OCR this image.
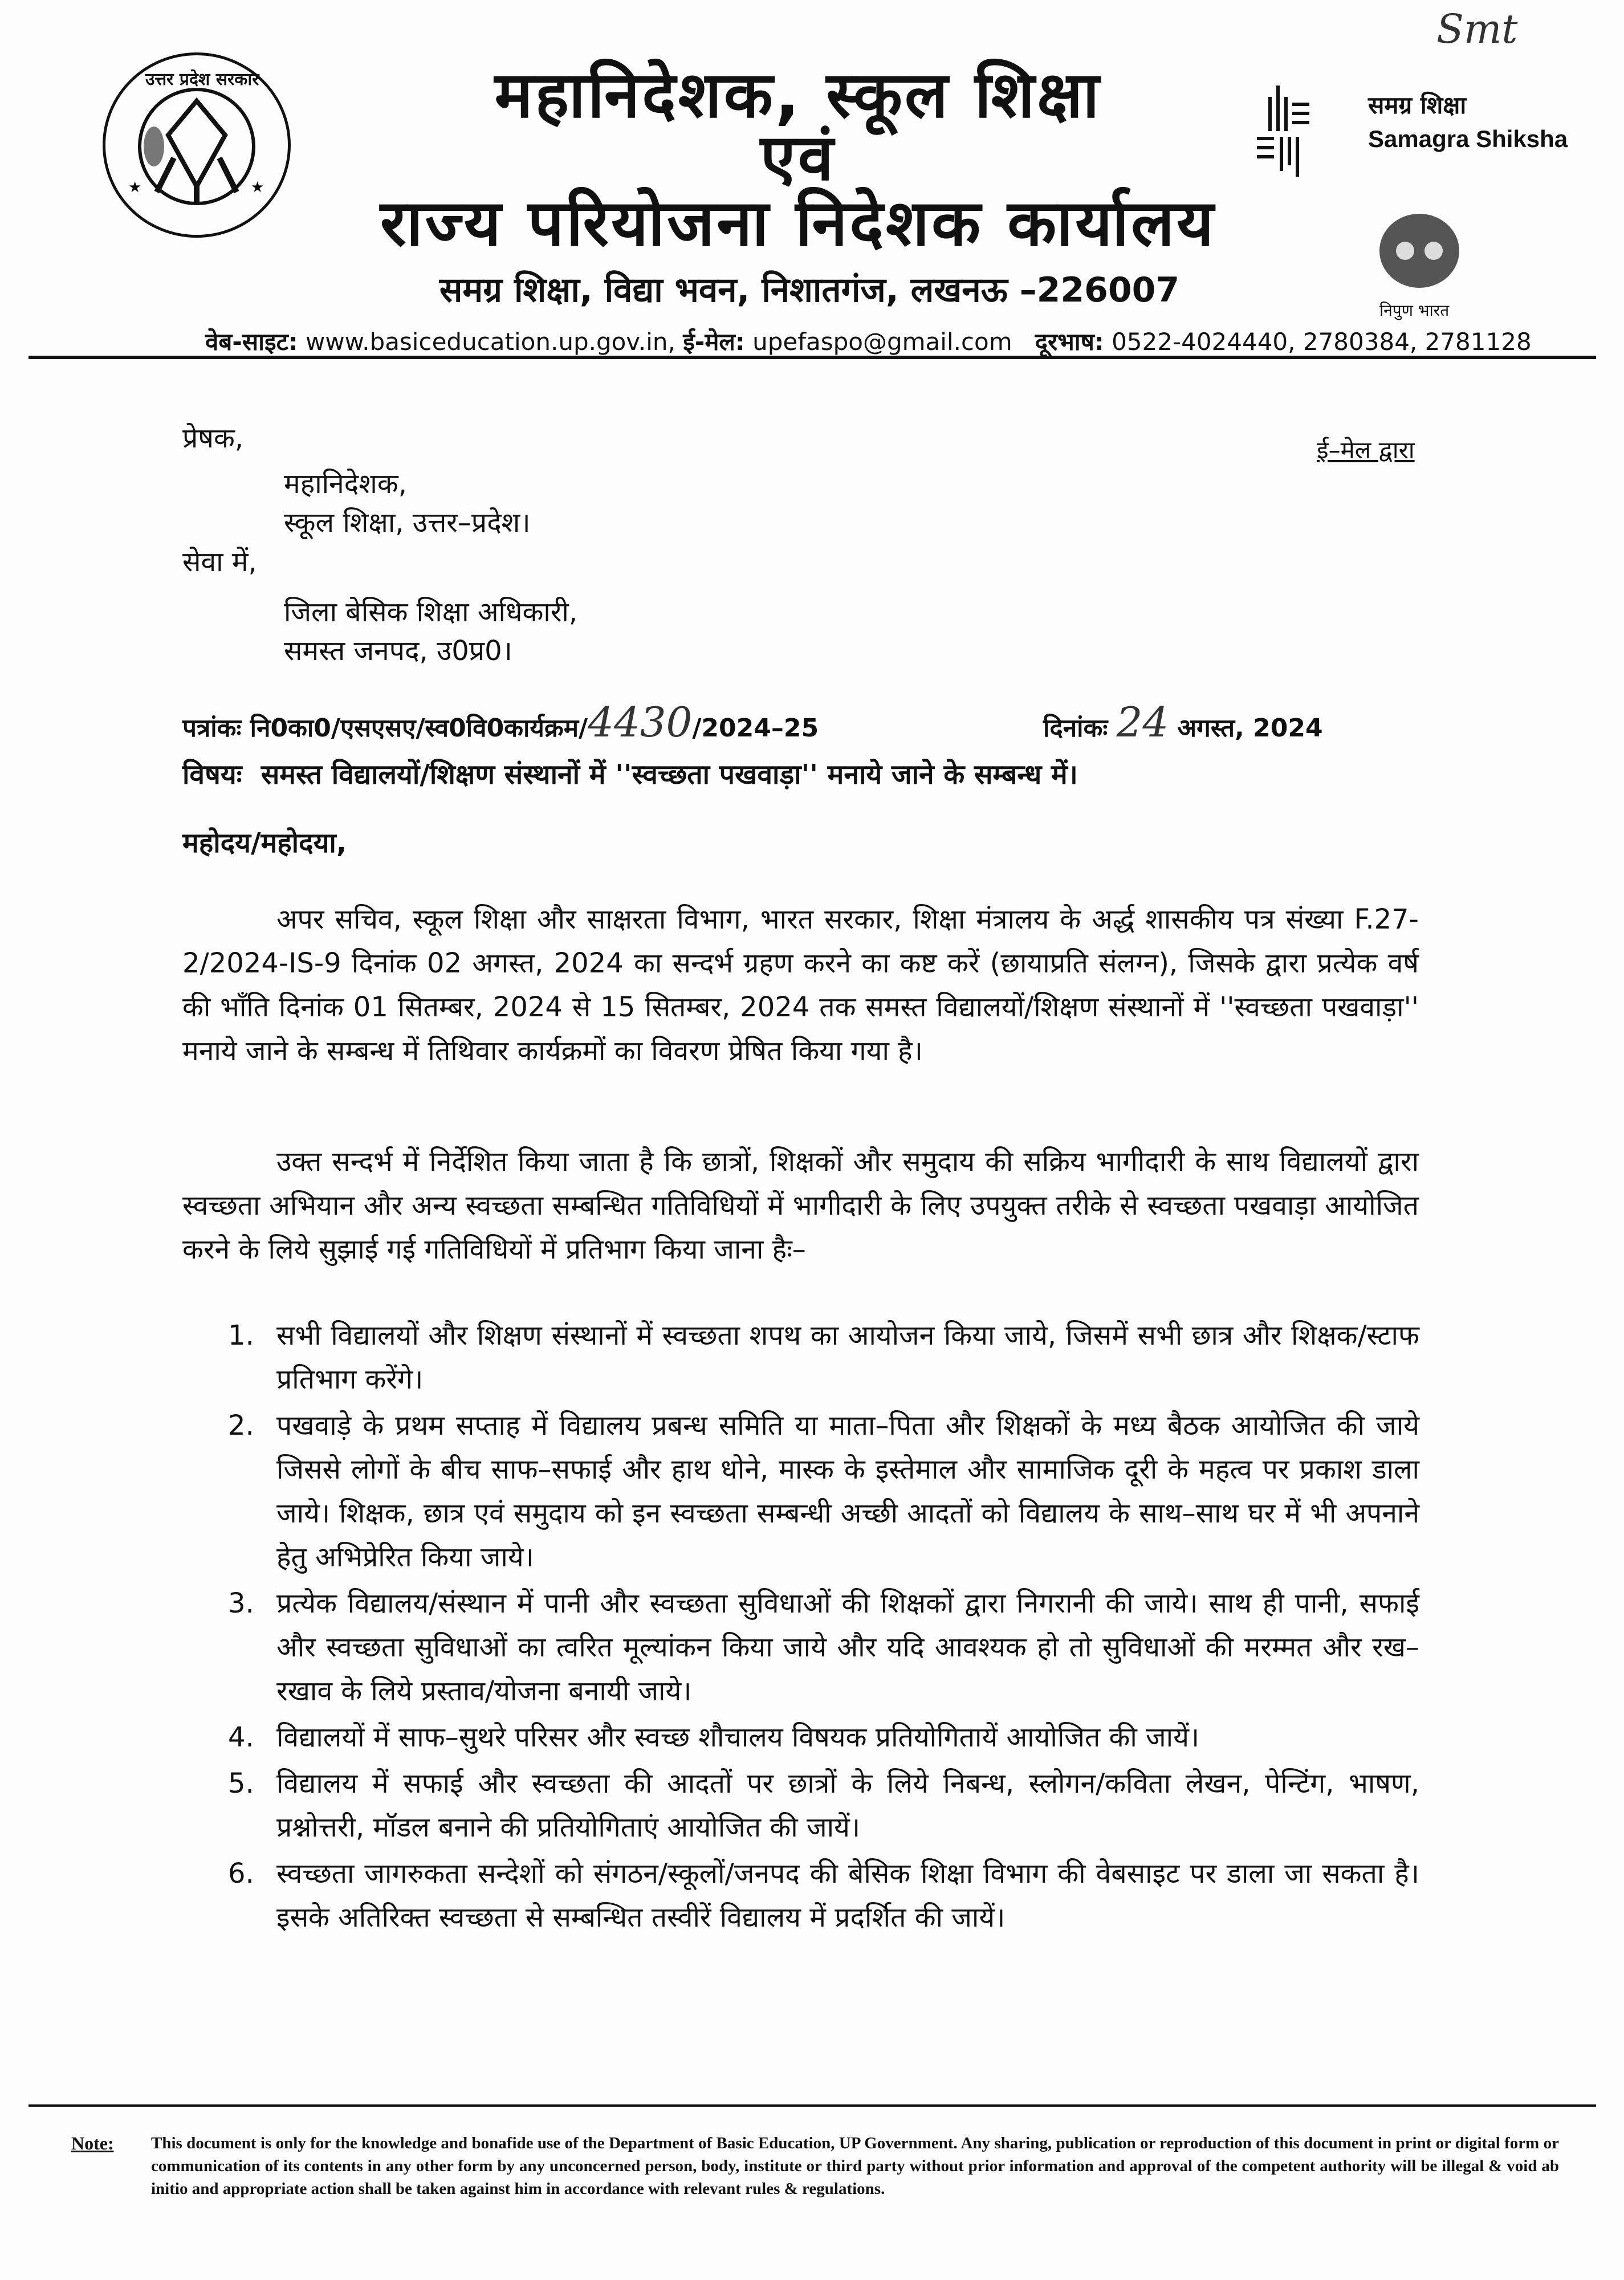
★	★
उत्तर प्रदेश सरकार	महानिदेशक, स्कूल शिक्षा
एवं
राज्य परियोजना निदेशक कार्यालय
समग्र शिक्षा, विद्या भवन, निशातगंज, लखनऊ –226007
समग्र शिक्षा
Samagra Shiksha
निपुण भारत
Smt
वेब-साइट: www.basiceducation.up.gov.in, ई-मेल: upefaspo@gmail.com दूरभाष: 0522-4024440, 2780384, 2781128
प्रेषक,	ई–मेल द्वारा
महानिदेशक,
स्कूल शिक्षा, उत्तर–प्रदेश।
सेवा में,
जिला बेसिक शिक्षा अधिकारी,
समस्त जनपद, उ0प्र0।
पत्रांकः नि0का0/एसएसए/स्व0वि0कार्यक्रम/4430/2024–25	दिनांकः 24 अगस्त, 2024
विषयः समस्त विद्यालयों/शिक्षण संस्थानों में ''स्वच्छता पखवाड़ा'' मनाये जाने के सम्बन्ध में।
महोदय/महोदया,
अपर सचिव, स्कूल शिक्षा और साक्षरता विभाग, भारत सरकार, शिक्षा मंत्रालय के अर्द्ध शासकीय पत्र संख्या F.27-2/2024-IS-9 दिनांक 02 अगस्त, 2024 का सन्दर्भ ग्रहण करने का कष्ट करें (छायाप्रति संलग्न), जिसके द्वारा प्रत्येक वर्ष की भाँति दिनांक 01 सितम्बर, 2024 से 15 सितम्बर, 2024 तक समस्त विद्यालयों/शिक्षण संस्थानों में ''स्वच्छता पखवाड़ा'' मनाये जाने के सम्बन्ध में तिथिवार कार्यक्रमों का विवरण प्रेषित किया गया है।
उक्त सन्दर्भ में निर्देशित किया जाता है कि छात्रों, शिक्षकों और समुदाय की सक्रिय भागीदारी के साथ विद्यालयों द्वारा स्वच्छता अभियान और अन्य स्वच्छता सम्बन्धित गतिविधियों में भागीदारी के लिए उपयुक्त तरीके से स्वच्छता पखवाड़ा आयोजित करने के लिये सुझाई गई गतिविधियों में प्रतिभाग किया जाना हैः–
1. सभी विद्यालयों और शिक्षण संस्थानों में स्वच्छता शपथ का आयोजन किया जाये, जिसमें सभी छात्र और शिक्षक/स्टाफ प्रतिभाग करेंगे।
2. पखवाड़े के प्रथम सप्ताह में विद्यालय प्रबन्ध समिति या माता–पिता और शिक्षकों के मध्य बैठक आयोजित की जाये जिससे लोगों के बीच साफ–सफाई और हाथ धोने, मास्क के इस्तेमाल और सामाजिक दूरी के महत्व पर प्रकाश डाला जाये। शिक्षक, छात्र एवं समुदाय को इन स्वच्छता सम्बन्धी अच्छी आदतों को विद्यालय के साथ–साथ घर में भी अपनाने हेतु अभिप्रेरित किया जाये।
3. प्रत्येक विद्यालय/संस्थान में पानी और स्वच्छता सुविधाओं की शिक्षकों द्वारा निगरानी की जाये। साथ ही पानी, सफाई और स्वच्छता सुविधाओं का त्वरित मूल्यांकन किया जाये और यदि आवश्यक हो तो सुविधाओं की मरम्मत और रख–रखाव के लिये प्रस्ताव/योजना बनायी जाये।
4. विद्यालयों में साफ–सुथरे परिसर और स्वच्छ शौचालय विषयक प्रतियोगितायें आयोजित की जायें।
5. विद्यालय में सफाई और स्वच्छता की आदतों पर छात्रों के लिये निबन्ध, स्लोगन/कविता लेखन, पेन्टिंग, भाषण, प्रश्नोत्तरी, मॉडल बनाने की प्रतियोगिताएं आयोजित की जायें।
6. स्वच्छता जागरुकता सन्देशों को संगठन/स्कूलों/जनपद की बेसिक शिक्षा विभाग की वेबसाइट पर डाला जा सकता है। इसके अतिरिक्त स्वच्छता से सम्बन्धित तस्वीरें विद्यालय में प्रदर्शित की जायें।
Note: This document is only for the knowledge and bonafide use of the Department of Basic Education, UP Government. Any sharing, publication or reproduction of this document in print or digital form or communication of its contents in any other form by any unconcerned person, body, institute or third party without prior information and approval of the competent authority will be illegal & void ab initio and appropriate action shall be taken against him in accordance with relevant rules & regulations.
